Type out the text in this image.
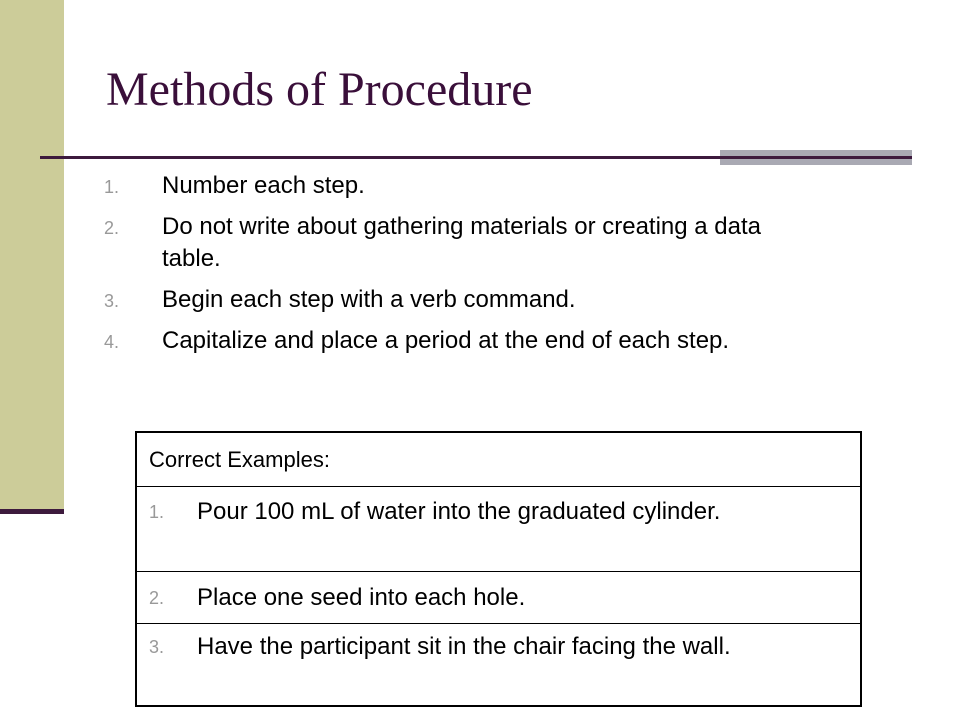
Methods of Procedure
1. Number each step.
2. Do not write about gathering materials or creating a data table.
3. Begin each step with a verb command.
4. Capitalize and place a period at the end of each step.
Correct Examples:
1. Pour 100 mL of water into the graduated cylinder.
2. Place one seed into each hole.
3. Have the participant sit in the chair facing the wall.
